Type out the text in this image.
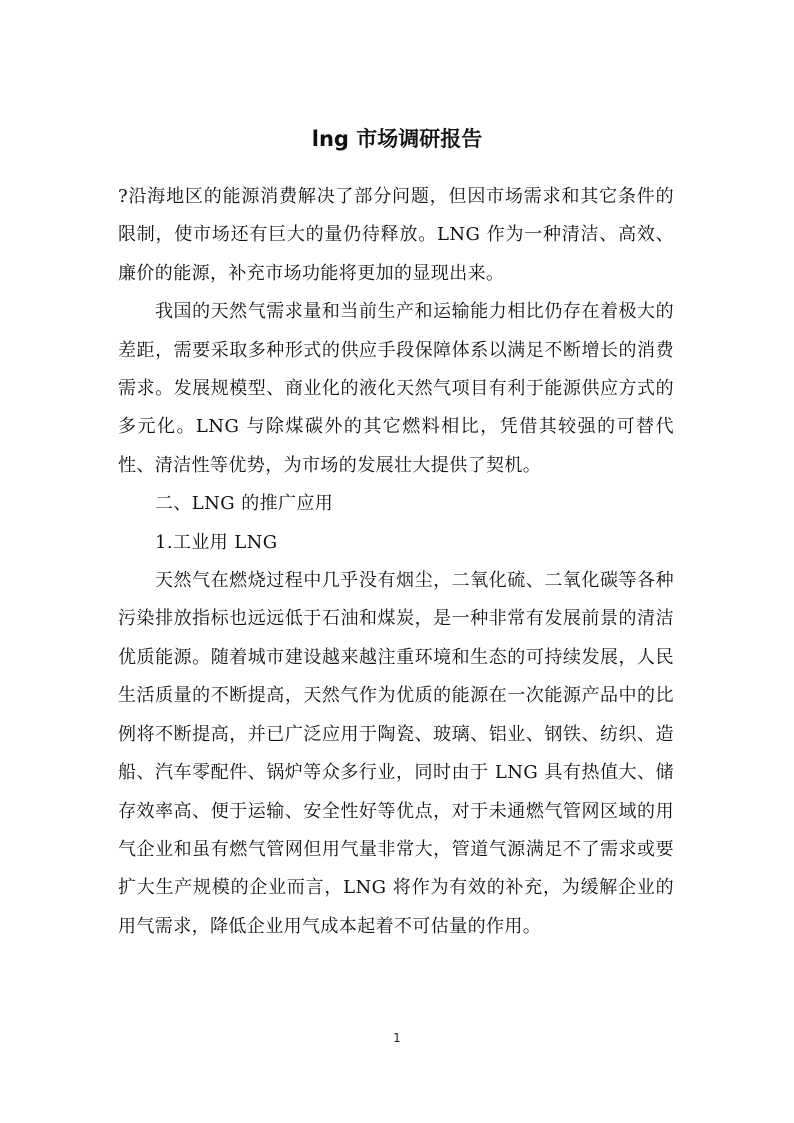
lng 市场调研报告

?沿海地区的能源消费解决了部分问题，但因市场需求和其它条件的限制，使市场还有巨大的量仍待释放。LNG 作为一种清洁、高效、廉价的能源，补充市场功能将更加的显现出来。

我国的天然气需求量和当前生产和运输能力相比仍存在着极大的差距，需要采取多种形式的供应手段保障体系以满足不断增长的消费需求。发展规模型、商业化的液化天然气项目有利于能源供应方式的多元化。LNG 与除煤碳外的其它燃料相比，凭借其较强的可替代性、清洁性等优势，为市场的发展壮大提供了契机。

二、LNG 的推广应用

1.工业用 LNG

天然气在燃烧过程中几乎没有烟尘，二氧化硫、二氧化碳等各种污染排放指标也远远低于石油和煤炭，是一种非常有发展前景的清洁优质能源。随着城市建设越来越注重环境和生态的可持续发展，人民生活质量的不断提高，天然气作为优质的能源在一次能源产品中的比例将不断提高，并已广泛应用于陶瓷、玻璃、铝业、钢铁、纺织、造船、汽车零配件、锅炉等众多行业，同时由于 LNG 具有热值大、储存效率高、便于运输、安全性好等优点，对于未通燃气管网区域的用气企业和虽有燃气管网但用气量非常大，管道气源满足不了需求或要扩大生产规模的企业而言，LNG 将作为有效的补充，为缓解企业的用气需求，降低企业用气成本起着不可估量的作用。

1
